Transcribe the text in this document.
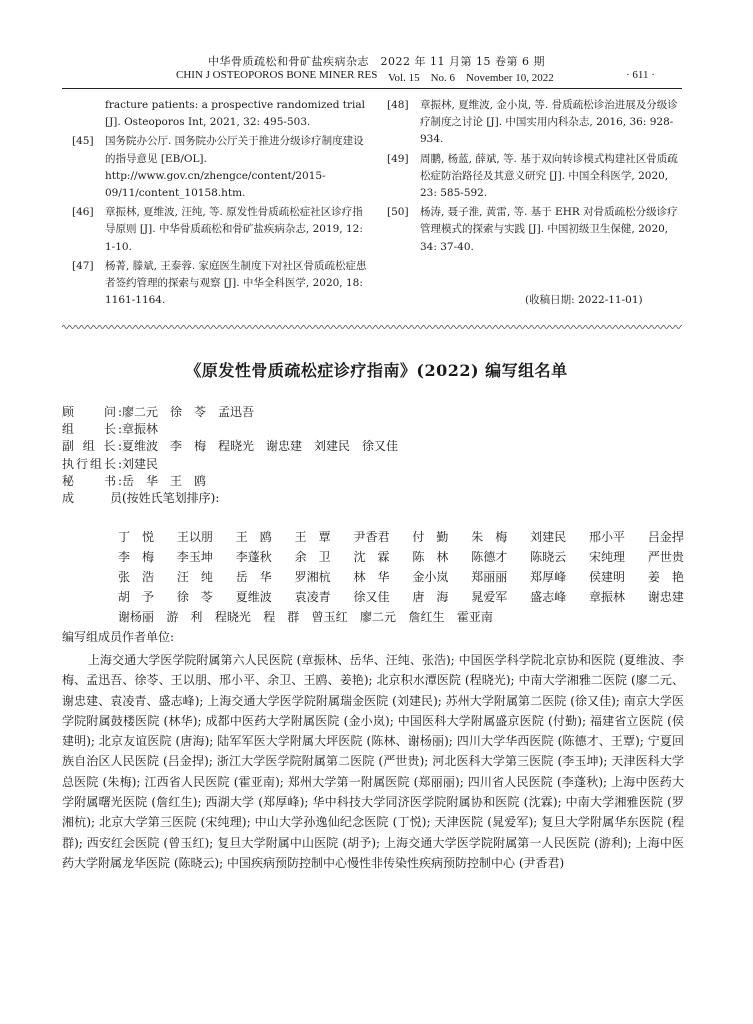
中华骨质疏松和骨矿盐疾病杂志　2022 年 11 月第 15 卷第 6 期
CHIN J OSTEOPOROS BONE MINER RES Vol. 15　No. 6　November 10, 2022	· 611 ·
fracture patients: a prospective randomized trial [J]. Osteoporos Int, 2021, 32: 495-503.
[45] 国务院办公厅. 国务院办公厅关于推进分级诊疗制度建设的指导意见 [EB/OL]. http://www.gov.cn/zhengce/content/2015-09/11/content_10158.htm.
[46] 章振林, 夏维波, 汪纯, 等. 原发性骨质疏松症社区诊疗指导原则 [J]. 中华骨质疏松和骨矿盐疾病杂志, 2019, 12: 1-10.
[47] 杨菁, 滕斌, 王泰蓉. 家庭医生制度下对社区骨质疏松症患者签约管理的探索与观察 [J]. 中华全科医学, 2020, 18: 1161-1164.
[48] 章振林, 夏维波, 金小岚, 等. 骨质疏松诊治进展及分级诊疗制度之讨论 [J]. 中国实用内科杂志, 2016, 36: 928-934.
[49] 周鹏, 杨蓝, 薛斌, 等. 基于双向转诊模式构建社区骨质疏松症防治路径及其意义研究 [J]. 中国全科医学, 2020, 23: 585-592.
[50] 杨涛, 聂子淮, 黄雷, 等. 基于 EHR 对骨质疏松分级诊疗管理模式的探索与实践 [J]. 中国初级卫生保健, 2020, 34: 37-40.
(收稿日期: 2022-11-01)
《原发性骨质疏松症诊疗指南》(2022) 编写组名单
顾　　问: 廖二元　徐　苓　孟迅吾
组　　长: 章振林
副 组 长: 夏维波　李　梅　程晓光　谢忠建　刘建民　徐又佳
执行组长: 刘建民
秘　　书: 岳　华　王　鸥
成　　员 (按姓氏笔划排序):
丁　悦 王以朋 王　鸥 王　覃 尹香君 付　勤 朱　梅 刘建民 邢小平 吕金捍
李　梅 李玉坤 李蓬秋 余　卫 沈　霖 陈　林 陈德才 陈晓云 宋纯理 严世贵
张　浩 汪　纯 岳　华 罗湘杭 林　华 金小岚 郑丽丽 郑厚峰 侯建明 姜　艳
胡　予 徐　苓 夏维波 袁凌青 徐又佳 唐　海 晁爱军 盛志峰 章振林 谢忠建
谢杨丽 游　利 程晓光 程　群 曾玉红 廖二元 詹红生 霍亚南
编写组成员作者单位:
上海交通大学医学院附属第六人民医院 (章振林、岳华、汪纯、张浩); 中国医学科学院北京协和医院 (夏维波、李梅、孟迅吾、徐苓、王以朋、邢小平、余卫、王鸥、姜艳); 北京积水潭医院 (程晓光); 中南大学湘雅二医院 (廖二元、谢忠建、袁凌青、盛志峰); 上海交通大学医学院附属瑞金医院 (刘建民); 苏州大学附属第二医院 (徐又佳); 南京大学医学院附属鼓楼医院 (林华); 成都中医药大学附属医院 (金小岚); 中国医科大学附属盛京医院 (付勤); 福建省立医院 (侯建明); 北京友谊医院 (唐海); 陆军军医大学附属大坪医院 (陈林、谢杨丽); 四川大学华西医院 (陈德才、王覃); 宁夏回族自治区人民医院 (吕金捍); 浙江大学医学院附属第二医院 (严世贵); 河北医科大学第三医院 (李玉坤); 天津医科大学总医院 (朱梅); 江西省人民医院 (霍亚南); 郑州大学第一附属医院 (郑丽丽); 四川省人民医院 (李蓬秋); 上海中医药大学附属曙光医院 (詹红生); 西湖大学 (郑厚峰); 华中科技大学同济医学院附属协和医院 (沈霖); 中南大学湘雅医院 (罗湘杭); 北京大学第三医院 (宋纯理); 中山大学孙逸仙纪念医院 (丁悦); 天津医院 (晁爱军); 复旦大学附属华东医院 (程群); 西安红会医院 (曾玉红); 复旦大学附属中山医院 (胡予); 上海交通大学医学院附属第一人民医院 (游利); 上海中医药大学附属龙华医院 (陈晓云); 中国疾病预防控制中心慢性非传染性疾病预防控制中心 (尹香君)
